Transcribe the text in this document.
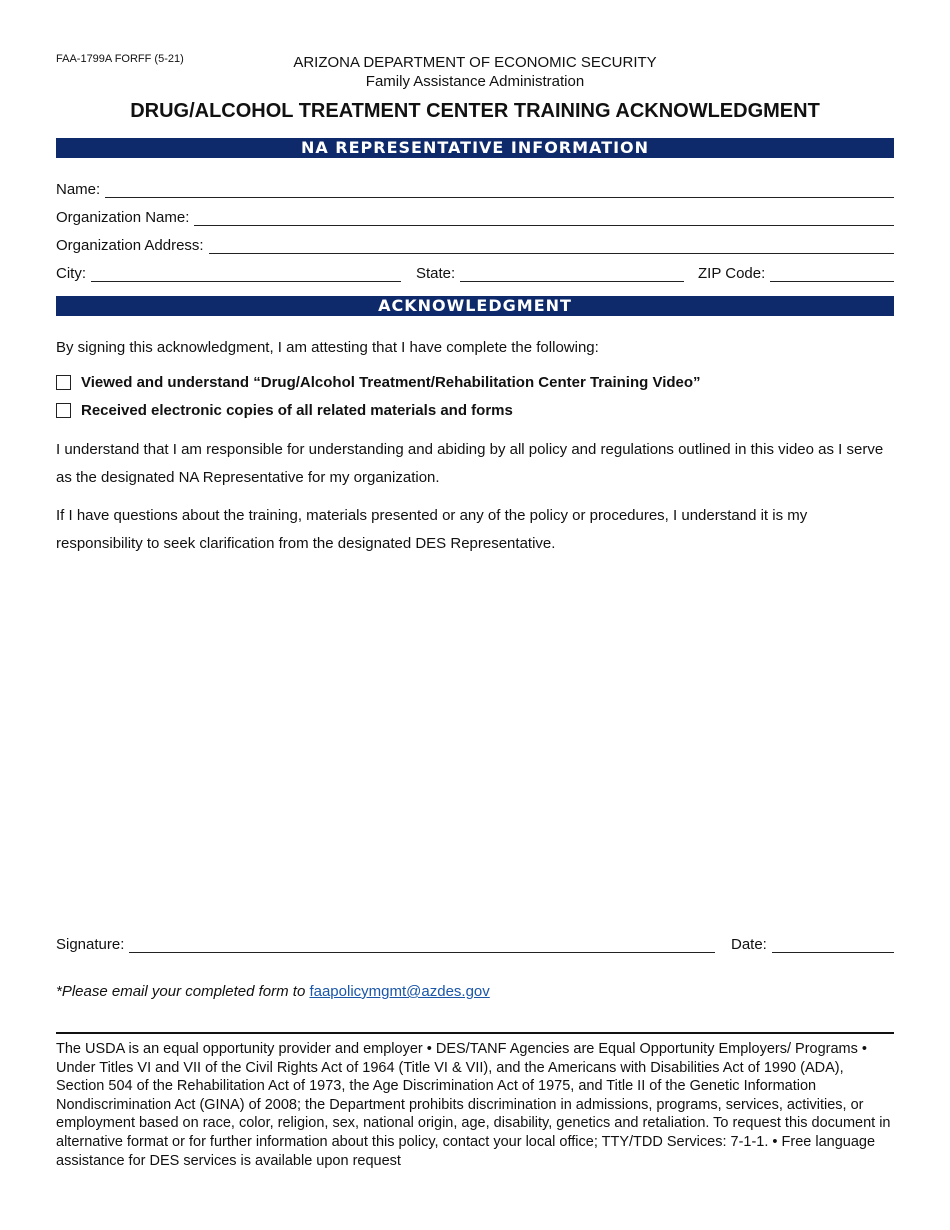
FAA-1799A FORFF (5-21)	ARIZONA DEPARTMENT OF ECONOMIC SECURITY
Family Assistance Administration
DRUG/ALCOHOL TREATMENT CENTER TRAINING ACKNOWLEDGMENT
NA REPRESENTATIVE INFORMATION
Name:
Organization Name:
Organization Address:
City:	State:	ZIP Code:
ACKNOWLEDGMENT
By signing this acknowledgment, I am attesting that I have complete the following:
Viewed and understand “Drug/Alcohol Treatment/Rehabilitation Center Training Video”
Received electronic copies of all related materials and forms
I understand that I am responsible for understanding and abiding by all policy and regulations outlined in this video as I serve as the designated NA Representative for my organization.
If I have questions about the training, materials presented or any of the policy or procedures, I understand it is my responsibility to seek clarification from the designated DES Representative.
Signature:	Date:
*Please email your completed form to faapolicymgmt@azdes.gov
The USDA is an equal opportunity provider and employer • DES/TANF Agencies are Equal Opportunity Employers/ Programs • Under Titles VI and VII of the Civil Rights Act of 1964 (Title VI & VII), and the Americans with Disabilities Act of 1990 (ADA), Section 504 of the Rehabilitation Act of 1973, the Age Discrimination Act of 1975, and Title II of the Genetic Information Nondiscrimination Act (GINA) of 2008; the Department prohibits discrimination in admissions, programs, services, activities, or employment based on race, color, religion, sex, national origin, age, disability, genetics and retaliation. To request this document in alternative format or for further information about this policy, contact your local office; TTY/TDD Services: 7-1-1. • Free language assistance for DES services is available upon request
